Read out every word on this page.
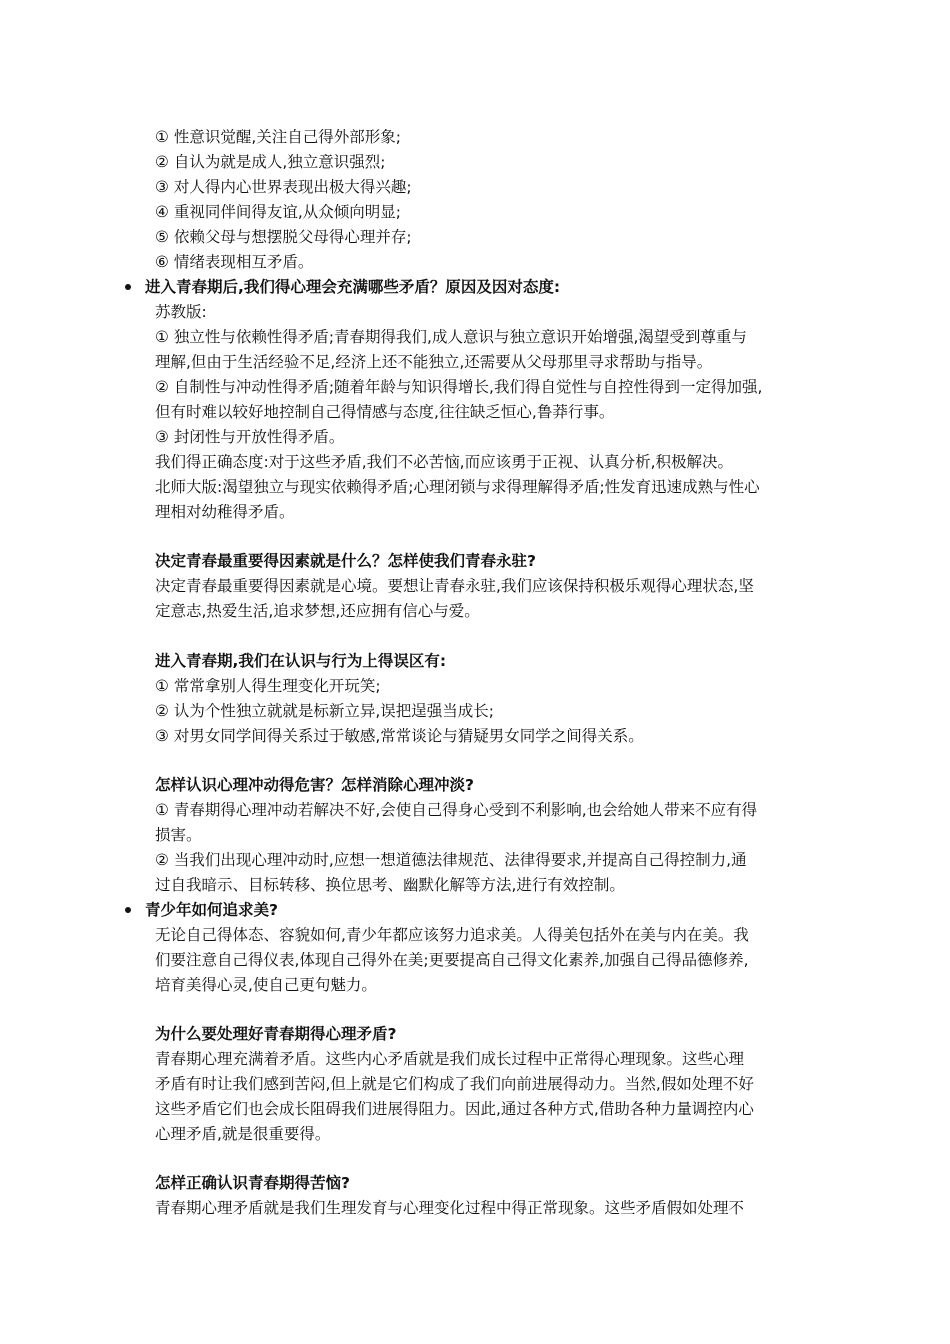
① 性意识觉醒,关注自己得外部形象;
② 自认为就是成人,独立意识强烈;
③ 对人得内心世界表现出极大得兴趣;
④ 重视同伴间得友谊,从众倾向明显;
⑤ 依赖父母与想摆脱父母得心理并存;
⑥ 情绪表现相互矛盾。
进入青春期后,我们得心理会充满哪些矛盾？原因及因对态度:
苏教版:
① 独立性与依赖性得矛盾;青春期得我们,成人意识与独立意识开始增强,渴望受到尊重与
理解,但由于生活经验不足,经济上还不能独立,还需要从父母那里寻求帮助与指导。
② 自制性与冲动性得矛盾;随着年龄与知识得增长,我们得自觉性与自控性得到一定得加强,
但有时难以较好地控制自己得情感与态度,往往缺乏恒心,鲁莽行事。
③ 封闭性与开放性得矛盾。
我们得正确态度:对于这些矛盾,我们不必苦恼,而应该勇于正视、认真分析,积极解决。
北师大版:渴望独立与现实依赖得矛盾;心理闭锁与求得理解得矛盾;性发育迅速成熟与性心
理相对幼稚得矛盾。
决定青春最重要得因素就是什么？怎样使我们青春永驻?
决定青春最重要得因素就是心境。要想让青春永驻,我们应该保持积极乐观得心理状态,坚
定意志,热爱生活,追求梦想,还应拥有信心与爱。
进入青春期,我们在认识与行为上得误区有:
① 常常拿别人得生理变化开玩笑;
② 认为个性独立就就是标新立异,误把逞强当成长;
③ 对男女同学间得关系过于敏感,常常谈论与猜疑男女同学之间得关系。
怎样认识心理冲动得危害？怎样消除心理冲淡?
① 青春期得心理冲动若解决不好,会使自己得身心受到不利影响,也会给她人带来不应有得
损害。
② 当我们出现心理冲动时,应想一想道德法律规范、法律得要求,并提高自己得控制力,通
过自我暗示、目标转移、换位思考、幽默化解等方法,进行有效控制。
青少年如何追求美?
无论自己得体态、容貌如何,青少年都应该努力追求美。人得美包括外在美与内在美。我
们要注意自己得仪表,体现自己得外在美;更要提高自己得文化素养,加强自己得品德修养,
培育美得心灵,使自己更句魅力。
为什么要处理好青春期得心理矛盾?
青春期心理充满着矛盾。这些内心矛盾就是我们成长过程中正常得心理现象。这些心理
矛盾有时让我们感到苦闷,但上就是它们构成了我们向前进展得动力。当然,假如处理不好
这些矛盾它们也会成长阻碍我们进展得阻力。因此,通过各种方式,借助各种力量调控内心
心理矛盾,就是很重要得。
怎样正确认识青春期得苦恼?
青春期心理矛盾就是我们生理发育与心理变化过程中得正常现象。这些矛盾假如处理不
